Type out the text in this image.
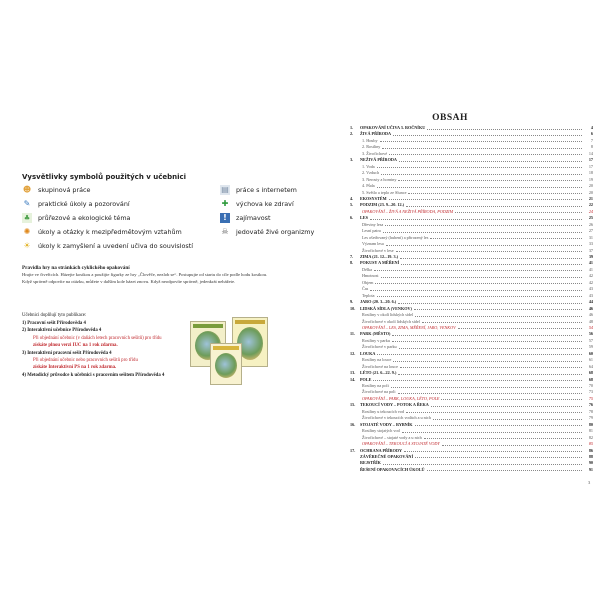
Vysvětlivky symbolů použitých v učebnici
☻ skupinová práce
✎ praktické úkoly a pozorování
♣ průřezové a ekologické téma
✺ úkoly a otázky k mezipředmětovým vztahům
☀ úkoly k zamyšlení a uvedení učiva do souvislostí
▤ práce s internetem
✚ výchova ke zdraví
!	zajímavost
☠ jedovaté živé organizmy
Pravidla hry na stránkách cyklického opakování
Hrajte ve čtveřicích. Házejte kostkou a použijte figurky ze hry „Člověče, nezlob se“. Postupujte od startu do cíle podle hodu kostkou. Když správně odpovíte na otázku, můžete v dalším kole házet znovu. Když neodpovíte správně, jedenkrát nehážete.
Učebnici doplňují tyto publikace:
1) Pracovní sešit Přírodověda 4
2) Interaktivní učebnice Přírodověda 4
Při objednání učebnic (v daňách letech pracovních sešitů) pro třídu
získáte plnou verzi IUC na 1 rok zdarma.
3) Interaktivní pracovní sešit Přírodověda 4
Při objednání učebnic nebo pracovních sešitů pro třídu
získáte Interaktivní PS na 1 rok zdarma.
4) Metodický průvodce k učebnici s pracovním sešitem Přírodověda 4
OBSAH
1.	OPAKOVÁNÍ UČIVA 3. ROČNÍKU	4
2.	ŽIVÁ PŘÍRODA	6
1. Houby	7
2. Rostliny	8
3. Živočichové	14
3.	NEŽIVÁ PŘÍRODA	17
1. Voda	17
2. Vzduch	18
3. Nerosty a horniny	19
4. Půda	20
5. Světlo a teplo ze Slunce	20
4.	EKOSYSTÉM	21
5.	PODZIM (23. 9.–20. 12.)	22
OPAKOVÁNÍ – ŽIVÁ A NEŽIVÁ PŘÍRODA, PODZIM	24
6.	LES	25
Dřeviny lesa	26
Lesní patra	27
Les ošetřovaný (hubení) a přirozený les	31
Význam lesa	33
Živočichové v lese	37
7.	ZIMA (21. 12.–19. 3.)	39
8.	POKUSY A MĚŘENÍ	41
Délka	41
Hmotnost	42
Objem	42
Čas	43
Teplota	43
9.	JARO (20. 3.–20. 6.)	44
10.	LIDSKÁ SÍDLA (VENKOV)	46
Rostliny v okolí lidských sídel	46
Živočichové v okolí lidských sídel	48
OPAKOVÁNÍ – LES, ZIMA, MĚŘENÍ, JARO, VENKOV	54
11.	PARK (MĚSTO)	56
Rostliny v parku	57
Živočichové v parku	59
12.	LOUKA	60
Rostliny na louce	61
Živočichové na louce	64
13.	LÉTO (21. 6.–22. 9.)	68
14.	POLE	68
Rostliny na poli	70
Živočichové na poli	73
OPAKOVÁNÍ – PARK, LOUKA, LÉTO, POLE	75
15.	TEKOUCÍ VODY – POTOK A ŘEKA	76
Rostliny u tekoucích vod	78
Živočichové v tekoucích vodách a u nich	79
16.	STOJATÉ VODY – RYBNÍK	80
Rostliny stojatých vod	81
Živočichové – stojaté vody a u nich	82
OPAKOVÁNÍ – TEKOUCÍ A STOJATÉ VODY	85
17.	OCHRANA PŘÍRODY	86
ZÁVĚREČNÉ OPAKOVÁNÍ	88
REJSTŘÍK	90
ŘEŠENÍ OPAKOVACÍCH ÚKOLŮ	91
3
